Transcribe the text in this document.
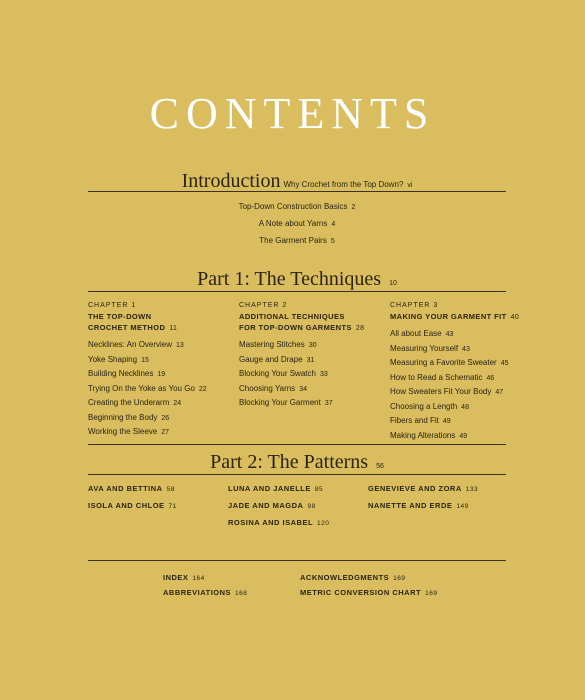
CONTENTS
Introduction Why Crochet from the Top Down? vi
Top-Down Construction Basics 2
A Note about Yarns 4
The Garment Pairs 5
Part 1: The Techniques 10
CHAPTER 1
THE TOP-DOWN
CROCHET METHOD 11
Necklines: An Overview 13
Yoke Shaping 15
Building Necklines 19
Trying On the Yoke as You Go 22
Creating the Underarm 24
Beginning the Body 26
Working the Sleeve 27
CHAPTER 2
ADDITIONAL TECHNIQUES
FOR TOP-DOWN GARMENTS 28
Mastering Stitches 30
Gauge and Drape 31
Blocking Your Swatch 33
Choosing Yarns 34
Blocking Your Garment 37
CHAPTER 3
MAKING YOUR GARMENT FIT 40
All about Ease 43
Measuring Yourself 43
Measuring a Favorite Sweater 45
How to Read a Schematic 46
How Sweaters Fit Your Body 47
Choosing a Length 48
Fibers and Fit 49
Making Alterations 49
Part 2: The Patterns 56
AVA AND BETTINA 58
ISOLA AND CHLOE 71
LUNA AND JANELLE 85
JADE AND MAGDA 98
ROSINA AND ISABEL 120
GENEVIEVE AND ZORA 133
NANETTE AND ERDE 149
INDEX 164
ABBREVIATIONS 168
ACKNOWLEDGMENTS 169
METRIC CONVERSION CHART 169
